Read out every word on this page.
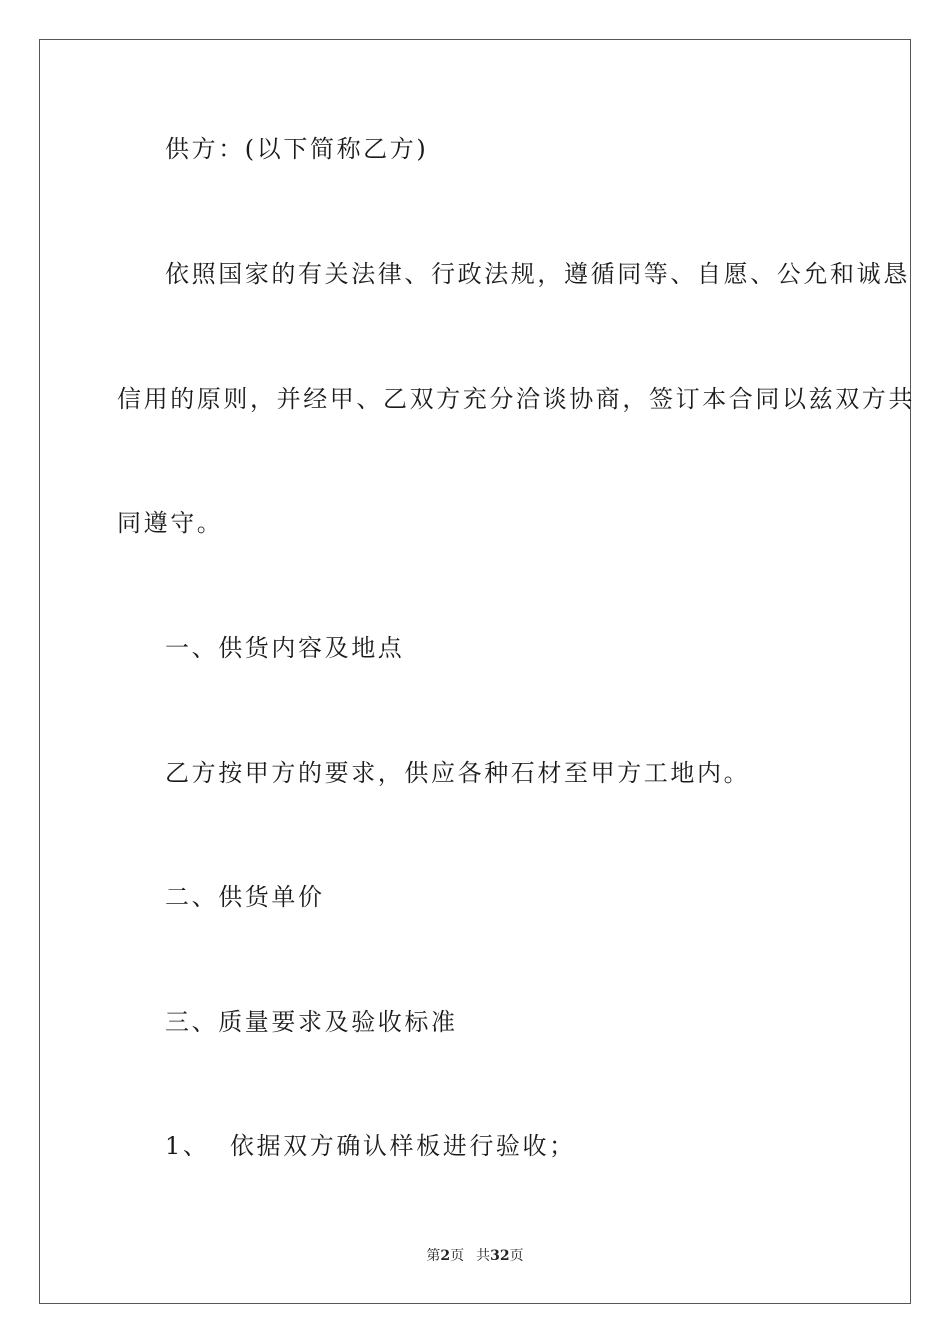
供方：(以下简称乙方)
依照国家的有关法律、行政法规，遵循同等、自愿、公允和诚恳
信用的原则，并经甲、乙双方充分洽谈协商，签订本合同以兹双方共
同遵守。
一、供货内容及地点
乙方按甲方的要求，供应各种石材至甲方工地内。
二、供货单价
三、质量要求及验收标准
1、  依据双方确认样板进行验收；
第2页 共32页
